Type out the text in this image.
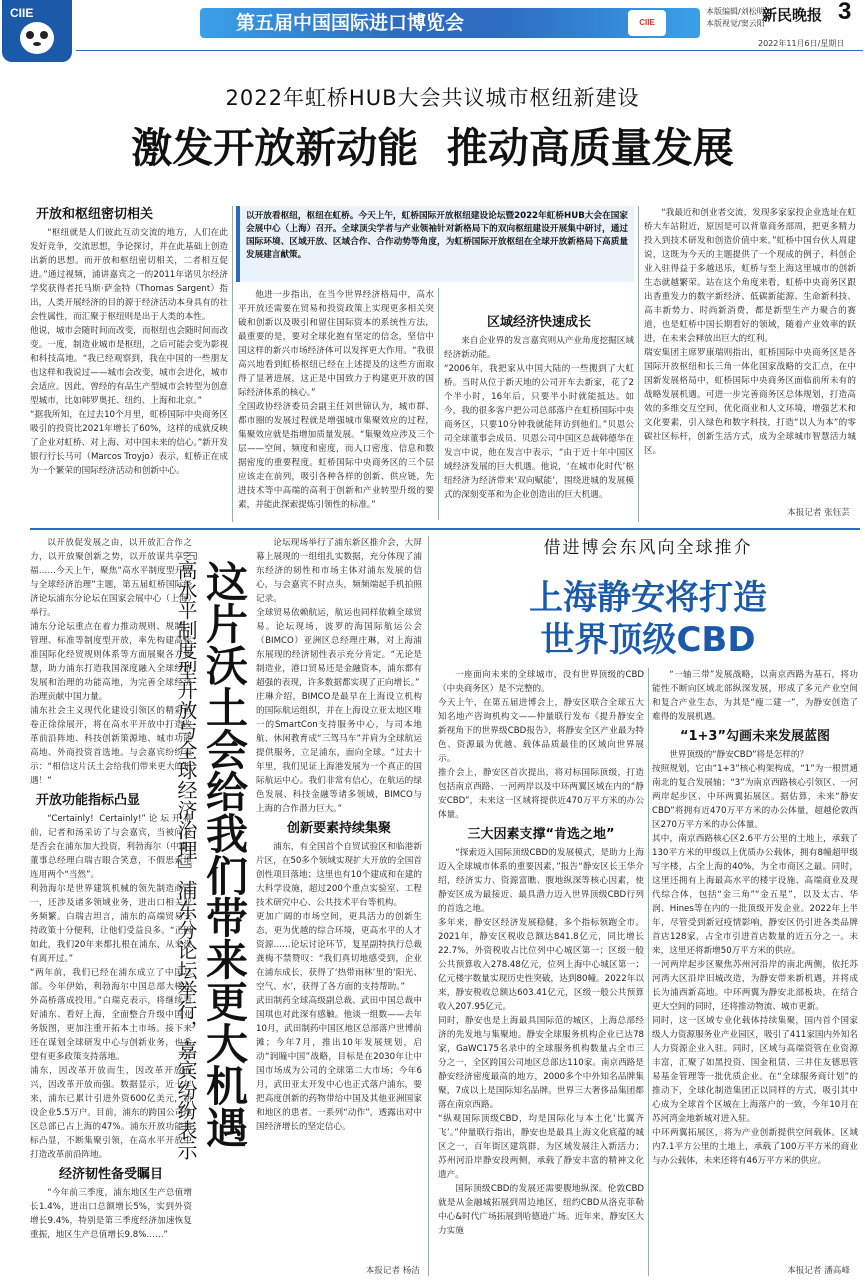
CIIE	第五届中国国际进口博览会	CIIE
本版编辑/刘松明
本版视觉/窦云阳
新民晚报 3
2022年11月6日/星期日
2022年虹桥HUB大会共议城市枢纽新建设
激发开放新动能  推动高质量发展
以开放看枢纽，枢纽在虹桥。今天上午，虹桥国际开放枢纽建设论坛暨2022年虹桥HUB大会在国家会展中心（上海）召开。全球顶尖学者与产业领袖针对新格局下的双向枢纽建设开展集中研讨，通过国际环境、区域开放、区域合作、合作动势等角度，为虹桥国际开放枢纽在全球开放新格局下高质量发展建言献策。
开放和枢纽密切相关
“枢纽就是人们彼此互动交流的地方，人们在此发好竞争，交流思想，争论探讨，并在此基础上创造出新的思想。而开放和枢纽密切相关，二者相互促进。”通过视频，浦讲嘉宾之一的2011年诺贝尔经济学奖获得者托马斯·萨金特（Thomas Sargent）指出，人类开展经济的目的源于经济活动本身具有的社会性属性，而汇聚于枢纽则是出于人类的本性。
他说，城市会随时间而改变，而枢纽也会随时间而改变。一度，制造业城市是枢纽，之后可能会变为影视和科技高地。“我已经观察到，我在中国的一些朋友也这样和我说过——城市会改变，城市会进化，城市会适应。因此，曾经的有品生产型城市会转型为创意型城市，比如韩罗奥托、纽约、上海和北京。”
“据我所知，在过去10个月里，虹桥国际中央商务区吸引的投资比2021年增长了60%，这样的成就反映了企业对虹桥、对上海、对中国未来的信心。”新开发银行行长马可（Marcos Troyjo）表示，虹桥正在成为一个繁荣的国际经济活动和创新中心。
他进一步指出，在当今世界经济格局中，高水平开放还需要在贸易和投资政策上实现更多相关突破和创新以及吸引和留住国际资本的系统性方法，最重要的是，要对全球化抱有坚定的信念，坚信中国这样的新兴市场经济体可以发挥更大作用。“我很高兴地看到虹桥枢纽已经在上述提及的这些方面取得了显著进展，这正是中国致力于构建更开放的国际经济体系的核心。”
全国政协经济委员会副主任刘世锦认为，城市群、都市圈的发展过程就是增强城市集聚效应的过程，集聚效应就是指增加质量发展。“集聚效应涉及三个层——空间、频度和密度，而人口密度、信息和数据密度的重要程度。虹桥国际中央商务区的三个层应该走在前列，吸引各种各样的创新、供应链，先进技术等中高端的高利于创新和产业转型升级的要素，并能此探索提炼引领性的标准。”
区域经济快速成长
来自企业界的发言嘉宾则从产业角度挖掘区域经济新动能。
“2006年，我把家从中国大陆的一些搬到了大虹桥。当时从位于新天地的公司开车去新家，花了2个半小时，16年后，只要半小时就能抵达。如今，我的很多客户把公司总部落户在虹桥国际中央商务区，只要10分钟我就能拜访到他们。”贝恩公司全球董事会成员、贝恩公司中国区总裁韩德华在发言中说，他在发言中表示，“由于近十年中国区域经济发展的巨大机遇。他说，‘在城市化时代’枢纽经济为经济带来‘双向赋能’，围绕进城的发展模式的深刻变革和为企业创造出的巨大机遇。
“我最近和创业者交流，发现多家家投企业选址在虹桥大车站附近，原因是可以背靠商务部周，把更多精力投入到技术研发和创造价值中来。”虹桥中国台伙人周建说，这既为今天的主题提供了一个现成的例子，科创企业入驻得益于多越迅乐，虹桥与至上海这里城市的创新生态就越繁荣。站在这个角度来看，虹桥中央商务区跟出香重发力的数字新经济、低碳新能源、生命新科技、高丰新势力、时尚新消费，都是新型生产力聚合的赛道，也是虹桥中国长期看好的领域，随着产业效率的跃进，在未来会释放出巨大的红利。
瑞安集团主席罗康瑞则指出，虹桥国际中央商务区是各国际开放枢纽和长三角一体化国家战略的交汇点，在中国新发展格局中，虹桥国际中央商务区面临前所未有的战略发展机遇。可进一步完善商务区总体规划，打造高效的多维交互空间，优化商业和人文环境，增强艺术和文化要素，引入绿色和数字科技，打造“以人为本”的零碳社区标杆，创新生活方式，成为全球城市智慧活力城区。
本报记者 张钰芸
以开放促发展之由，以开放汇合作之力，以开放聚创新之势，以开放谋共享之福……今天上午，聚焦“高水平制度型开放与全球经济治理”主题，第五届虹桥国际经济论坛浦东分论坛在国家会展中心（上海）举行。
浦东分论坛重点在着力推动规则、规制、管理、标准等制度型开放，率先构建高标准国际化经贸规则体系等方面展聚各方智慧，助力浦东打造我国深度融入全球经济发展和治理的功能高地，为完善全球经济治理贡献中国力量。
浦东社会主义现代化建设引领区的精彩画卷正徐徐展开，将在高水平开放中打造改革前沿阵地、科技创新策源地、城市功能高地、外商投资首选地。与会嘉宾纷纷表示：“相信这片沃土会给我们带来更大的机遇！”
开放功能指标凸显
“Certainly! Certainly!”论坛开幕前，记者和汤采访了与会嘉宾，当被问及是否会在浦东加大投资，利勃海尔（中国）董事总经理白瑞吉眼合笑意，不假思索地连用两个“当然”。
利勃海尔是世界建筑机械的领先制造商之一，还涉及诸多领域业务，进出口相关业务频繁。白瑞吉坦言，浦东的高端贸易支持政策十分便利，让他们受益良多。“正因如此，我们20年来都扎根在浦东，从来没有离开过。”
“两年前，我们已经在浦东成立了中国总部。今年伊始，利勃海尔中国总部大楼在外高桥落成投用。”白瑞克表示，将继续看好浦东、看好上海，全面整合升级中国业务版图，更加注重开拓本土市场。接下来还在谋划全球研发中心与创新业务，也希望有更多政策支持落地。
浦东，因改革开放而生，因改革开放而兴，因改革开放而强。数据显示，近十年来，浦东已累计引进外资600亿美元，新设企业5.5万户。目前，浦东的跨国公司地区总部已占上海的47%。浦东开放功能指标凸显，不断集聚引领，在高水平开放中打造改革前沿阵地。
经济韧性备受瞩目
“今年前三季度，浦东地区生产总值增长1.4%，进出口总额增长5%，实到外资增长9.4%，特别是第三季度经济加速恢复重振，地区生产总值增长9.8%……”
『高水平制度型开放与全球经济治理』浦东分论坛举行，嘉宾纷纷表示 这片沃土会给我们带来更大机遇
论坛现场举行了浦东新区推介会，大屏幕上展现的一组组扎实数据，充分体现了浦东经济的韧性和市场主体对浦东发展的信心，与会嘉宾不时点头，频频端起手机拍照记录。
全球贸易依赖航运，航运也同样依赖全球贸易。论坛现场，波罗的海国际航运公会（BIMCO）亚洲区总经理庄琳，对上海浦东展现的经济韧性表示充分肯定。“无论是制造业，港口贸易还是金融资本，浦东都有超强的表现，许多数据都实现了正向增长。”
庄琳介绍，BIMCO是最早在上海设立机构的国际航运组织，并在上海设立亚太地区唯一的SmartCon支持服务中心，与司本地航、休闲教育成“三驾马车”并肩为全球航运提供服务，立足浦东，面向全球。“过去十年里，我们见证上海港发展为一个真正的国际航运中心。我们非常有信心，在航运的绿色发展、科技金融等诸多领域，BIMCO与上海的合作潜力巨大。”
创新要素持续集聚
浦东，有全国首个自贸试验区和临港新片区，在50多个领域实现扩大开放的全国首创性项目落地；这里也有10个建成和在建的大科学设施，超过200个重点实验室、工程技术研究中心、公共技术平台等机构。
更加广阔的市场空间，更具活力的创新生态，更为优越的综合环境，更高水平的人才资源……论坛讨论环节，复星副特执行总裁龚梅不禁赞叹：“我们真切地感受到，企业在浦东成长，获得了‘热带雨林’里的‘阳光、空气、水’，获得了各方面的支持帮助。”
武田制药全球高级副总裁、武田中国总裁申国琪也对此深有感触。他谈一组数——去年10月，武田制药中国区地区总部落户世博前滩；今年7月，推出10年发展规划，启动“润瞳中国”战略，目标是在2030年让中国市场成为公司的全球第二大市场；今年6月，武田亚太开发中心也正式落户浦东，要把高度创新的药物带给中国及其他亚洲国家和地区的患者。一系列“动作”，透露出对中国经济增长的坚定信心。
本报记者 杨洁
借进博会东风向全球推介
上海静安将打造
世界顶级CBD
一座面向未来的全球城市，没有世界顶级的CBD（中央商务区）是不完整的。
今天上午，在第五届进博会上，静安区联合全球五大知名地产咨询机构文——仲量联行发布《提升静安全新视角下的世界级CBD报告》，将静安全区产业最为特色、资源最为优越、载体品质最佳的区域向世界展示。
推介会上，静安区首次提出，将对标国际顶级，打造包括南京西路、一河两岸以及中环两翼区域在内的“静安CBD”，未来这一区域将提供近470万平方米的办公体量。
三大因素支撑“肯选之地”
“探索迈入国际顶级CBD的发展模式，是助力上海迈入全球城市体系的重要因素，”报告“静安区长王华介绍，经济实力、资源富瞧、腹地纵深等核心因素，使静安区成为最接近、最具潜力迈入世界顶级CBD行列的首选之地。
多年来，静安区经济发展稳健，多个指标领跑全市。2021年，静安区税收总额达841.8亿元，同比增长22.7%，外资税收占比位列中心城区第一；区级一般公共预算收入278.48亿元，位列上海中心城区第一；亿元楼宇数量实现历史性突破，达到80幢。2022年以来，静安税收总额达603.41亿元，区级一般公共预算收入207.95亿元。
同时，静安也是上海最具国际范的城区，上海总部经济的先发地与集聚地。静安全球服务机构企业已达78家，GaWC175名录中的全球服务机构数量占全市三分之一，全区跨国公司地区总部达110家。南京西路是静安经济密度最高的地方，2000多个中外知名品牌集聚，7成以上是国际知名品牌。世界三大奢侈品集团都落在南京西路。
“纵观国际顶级CBD，均是国际化与本土化‘比翼齐飞’。”仲量联行指出，静安也是最具上海文化底蕴的城区之一，百年街区建筑群，为区域发展注入新活力；苏州河沿岸静安段两侧，承载了静安丰富的精神文化遗产。
国际顶级CBD的发展还需要腹地纵深。伦敦CBD就是从金融城拓展到周边地区，纽约CBD从洛克菲勒中心&时代广场拓展到哈德逊广场。近年来，静安区大力实施
“一轴三带”发展战略，以南京西路为基石，将功能性不断向区域北部纵深发展，形成了多元产业空间和复合产业生态，为其是“瘦二建一”，为静安创造了难得的发展机遇。
“1+3”勾画未来发展蓝图
世界顶级的“静安CBD”将是怎样的？
按照规划，它由“1+3”核心构架构成，“1”为一根贯通南北的复合发展轴；“3”为南京西路核心引领区、一河两岸起步区、中环两翼拓展区。据估算，未来“静安CBD”将拥有近470万平方米的办公体量，超越伦敦西区270万平方米的办公体量。
其中，南京西路核心区2.6平方公里的土地上，承载了130平方米的甲级以上优质办公载体，拥有8幢超甲级写字楼，占全上海的40%，为全市商区之最。同时，这里还拥有上海最高水平的楼宇设施、高端商业及现代综合体，包括“金三角”“金五星”，以及太古、华润、Hines等在内的一批顶级开发企业。2022年上半年，尽管受到新冠疫情影响，静安区仍引进各类品牌首店128家，占全市引进首店数量的近五分之一。未来，这里还将新增50万平方米的供应。
一河两岸起步区聚焦苏州河沿岸的南北两侧，依托苏河湾大区沿岸旧城改造，为静安带来新机遇，并将成长为浦西新高地。中环两翼为静安北部板块，在结合更大空间的同时，还将推动物流、城市更新。
同时，这一区域专业化载体持续集聚，国内首个国家级人力资源服务业产业园区，吸引了411家国内外知名人力资源企业入驻。同时，区域与高端资管在业资源丰富，汇聚了如黑投资、国金租赁、三井住友德思管易基金管理等一批优质企业。在“全球服务商计划”的推动下，全球化制造集团正以同样的方式，吸引其中心成为全球首个区城在上海落户的一致，今年10月在苏河湾金地新城对进入驻。
中环两翼拓展区，将为产业创新提供空间载体。区域内7.1平方公里的土地上，承载了100万平方米的商业与办公载体，未来还将有46万平方米的供应。
本报记者 潘高峰
